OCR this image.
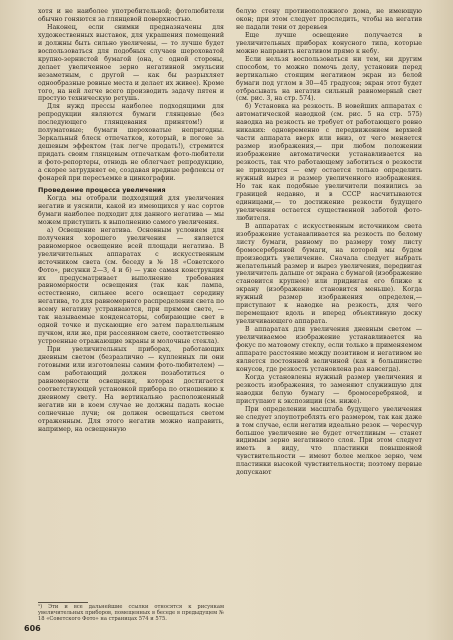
хотя и не наиболее употребительной; фотолюбители обычно гоняются за глянцевой поверхностью.

Наконец, если снимки предназначены для художественных выставок, для украшения помещений и должны быть сильно увеличены, — то лучше будет воспользоваться для подобных случаев шероховатой крупно-зернистой бумагой (она, с одной стороны, делает увеличенное зерно негативной эмульсии незаметным, с другой — как бы разрыхляет однообразные ровные места и делает их живее). Кроме того, на ней легче всего производить задачу пятен и простую техническую ретушь.

Для нужд прессы наиболее подходящими для репродукции являются бумаги глянцевые (без последующего глянцевания принятом!) и полуматовые; бумаги шероховатые непригодны. Зеркальный блеск отпечатков, который, в погоне за дешевым эффектом (так легче продать!), стремится придать своим глянцевым отпечаткам фото-любители и фото-репортеры, отнюдь не облегчает репродукцию, а скорее затрудняет ее, создавая вредные рефлексы от фонарей при пересъемке в цинкографии.

Проведение процесса увеличения

Когда мы отобрали подходящий для увеличения негатив и уяснили, какой из имеющихся у нас сортов бумаги наиболее подходит для данного негатива — мы можем приступить к выполнению самого увеличения.

а) Освещение негатива. Основным условием для получения хорошего увеличения — является равномерное освещение всей площади негатива. В увеличительных аппаратах с искусственным источником света (см. беседу в № 18 «Советского Фото», рисунки 2—3, 4 и 6) — уже самая конструкция их предусматривает выполнение требования равномерности освещения (так как лампа, естественно, сильнее всего освещает середину негатива, то для равномерного распределения света по всему негативу устраиваются, при прямом свете, — так называемые конденсаторы, собирающие свет в одной точке и пускающие его затем параллельным пучком, или же, при рассеянном свете, соответственно устроенные отражающие экраны и молочные стекла).

При увеличительных приборах, работающих дневным светом (безразлично — купленных ли они готовыми или изготовлены самим фото-любителем) — сам работающий должен позаботиться о равномерности освещения, которая достигается соответствующей установкой прибора по отношению к дневному свету. На вертикально расположенный негатив ни в коем случае не должны падать косые солнечные лучи; он должен освещаться светом отраженным. Для этого негатив можно направить, например, на освещенную

белую стену противоположного дома, не имеющую окон; при этом следует проследить, чтобы на негатив не падали тени от деревьев

Еще лучше освещение получается в увеличительных приборах конусного типа, которые можно направить негативом прямо к небу.

Если нельзя воспользоваться ни тем, ни другим способом, то можно помочь делу, установив перед вертикально стоящим негативом экран из белой бумаги под углом в 30—45 градусов; экран этот будет отбрасывать на негатив сильный равномерный свет (см. рис. 3, на стр. 574).

б) Установка на резкость. В новейших аппаратах с автоматической наводкой (см. рис. 5 на стр. 575) наводка на резкость не требует от работающего ровно никаких: одновременно с передвижением верхней части аппарата вверх или вниз, от чего меняется размер изображения,— при любом положении изображение автоматически устанавливается на резкость, так что работающему заботиться о резкости не приходится — ему остается только определить нужный вырез и размер увеличенного изображения. Но так как подобные увеличители появились за границей недавно, и в СССР насчитываются единицами,— то достижение резкости будущего увеличения остается существенной заботой фото-любителя.

В аппаратах с искусственным источником света изображение устанавливается на резкость по белому листу бумаги, равному по размеру тому листу бромосеребряной бумаги, на которой мы будем производить увеличение. Сначала следует выбрать желательный размер и вырез увеличения, передвигая увеличитель дальше от экрана с бумагой (изображение становится крупнее) или придвигая его ближе к экрану (изображение становится меньше). Когда нужный размер изображения определен,— приступают к наводке на резкость, для чего перемещают вдоль и вперед объективную доску увеличивающего аппарата.

В аппаратах для увеличения дневным светом — увеличиваемое изображение устанавливается на фокус по матовому стеклу, если только в применяемом аппарате расстояние между позитивом и негативом не является постоянной величиной (как в большинстве конусов, где резкость установлена раз навсегда).

Когда установлены нужный размер увеличения и резкость изображения, то заменяют служившую для наводки белую бумагу — бромосеребряной, и приступают к экспозиции (см. ниже).

При определении масштаба будущего увеличения не следует злоупотреблять его размером, так как даже в том случае, если негатив идеально резок — чересчур большое увеличение не будет отчетливым — станет видимым зерно негативного слоя. При этом следует иметь в виду, что пластинки повышенной чувствительности — имеют более мелкое зерно, чем пластинки высокой чувствительности; поэтому первые допускают

¹) Эти и все дальнейшие ссылки относятся к рисункам увеличительных приборов, помещенных в беседе в предыдущем № 18 «Советского Фото» на страницах 574 и 575.

606
